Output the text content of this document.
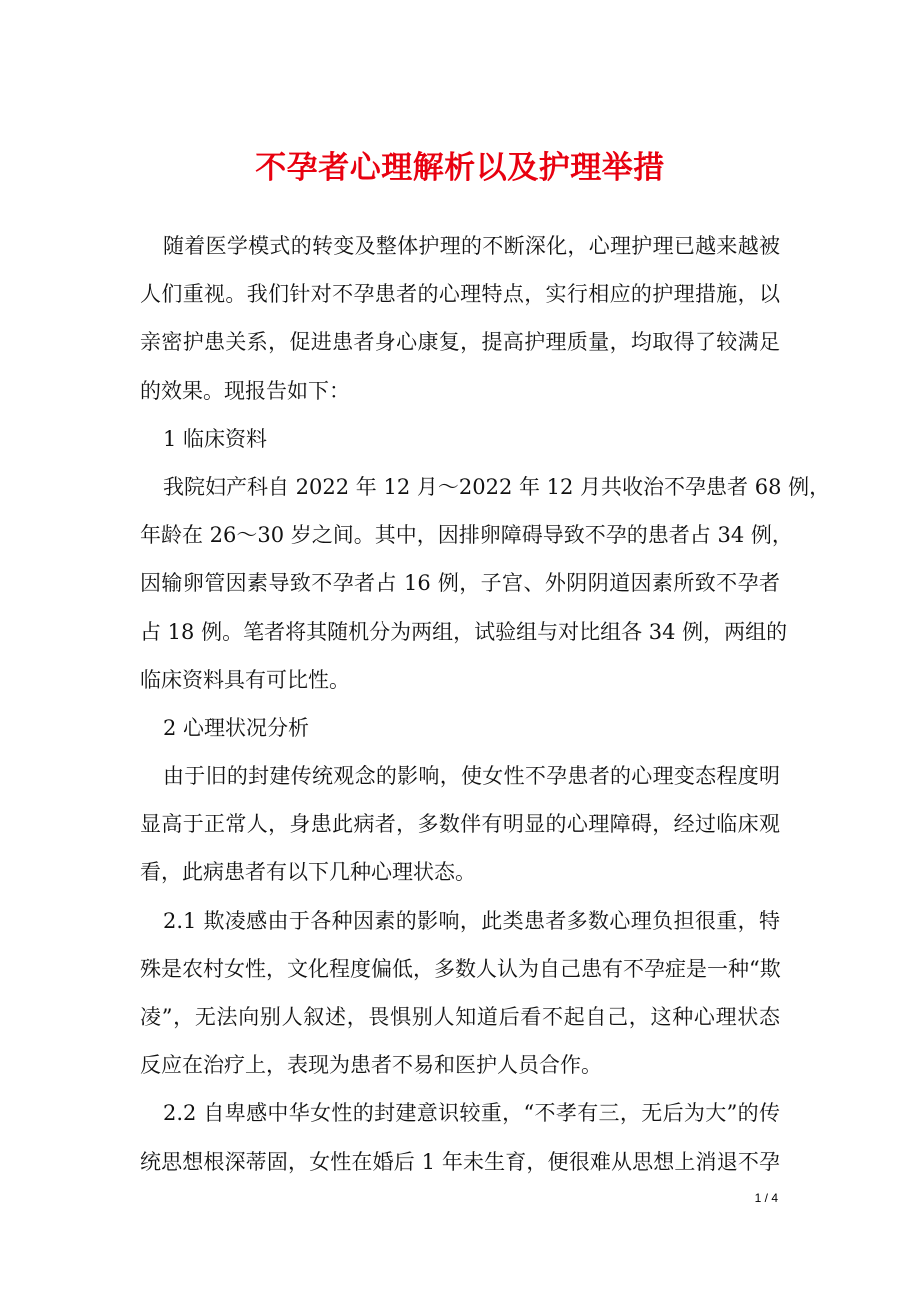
不孕者心理解析以及护理举措
随着医学模式的转变及整体护理的不断深化，心理护理已越来越被
人们重视。我们针对不孕患者的心理特点，实行相应的护理措施，以
亲密护患关系，促进患者身心康复，提高护理质量，均取得了较满足
的效果。现报告如下：
1 临床资料
我院妇产科自 2022 年 12 月～2022 年 12 月共收治不孕患者 68 例，
年龄在 26～30 岁之间。其中，因排卵障碍导致不孕的患者占 34 例，
因输卵管因素导致不孕者占 16 例，子宫、外阴阴道因素所致不孕者
占 18 例。笔者将其随机分为两组，试验组与对比组各 34 例，两组的
临床资料具有可比性。
2 心理状况分析
由于旧的封建传统观念的影响，使女性不孕患者的心理变态程度明
显高于正常人，身患此病者，多数伴有明显的心理障碍，经过临床观
看，此病患者有以下几种心理状态。
2.1 欺凌感由于各种因素的影响，此类患者多数心理负担很重，特
殊是农村女性，文化程度偏低，多数人认为自己患有不孕症是一种“欺
凌”，无法向别人叙述，畏惧别人知道后看不起自己，这种心理状态
反应在治疗上，表现为患者不易和医护人员合作。
2.2 自卑感中华女性的封建意识较重，“不孝有三，无后为大”的传
统思想根深蒂固，女性在婚后 1 年未生育，便很难从思想上消退不孕
1 / 4
